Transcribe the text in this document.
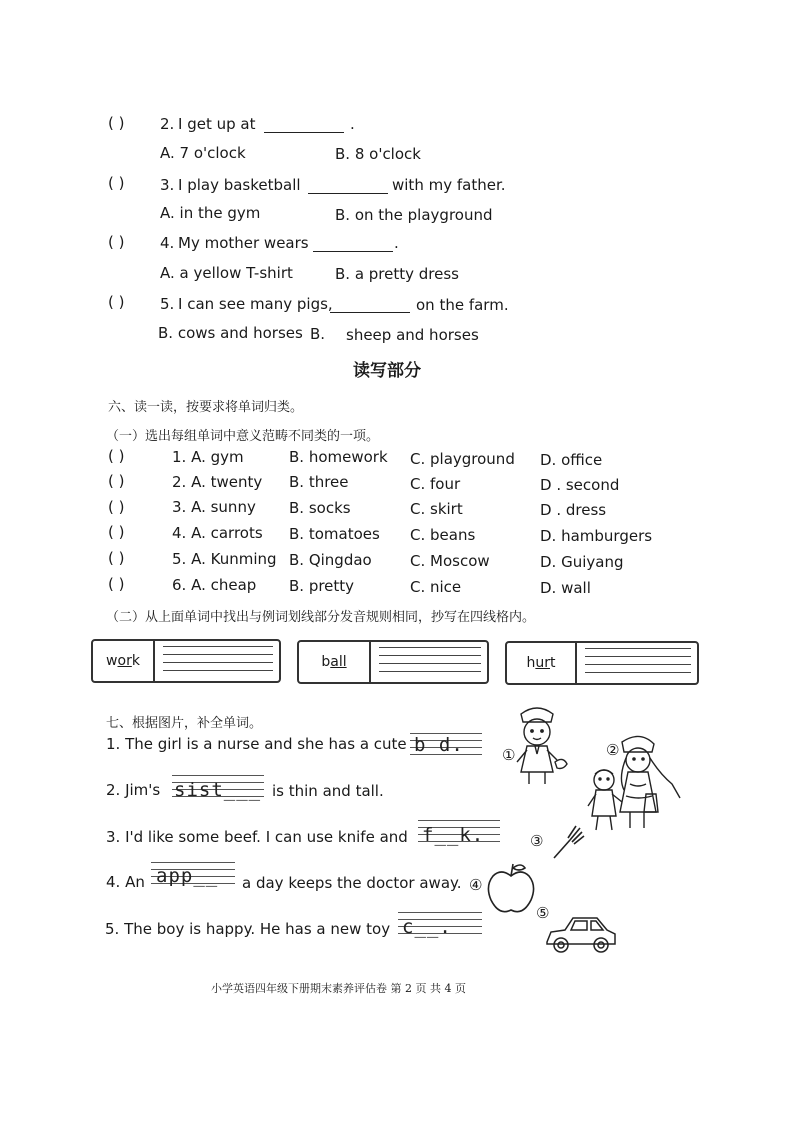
( ) 2. I get up at	.
A. 7 o'clock	B. 8 o'clock
( ) 3. I play basketball	with my father.
A. in the gym	B. on the playground
( ) 4. My mother wears	.
A. a yellow T-shirt	B. a pretty dress
( ) 5. I can see many pigs,	on the farm.
B. cows and horses B. sheep and horses
读写部分
六、读一读，按要求将单词归类。
（一）选出每组单词中意义范畴不同类的一项。
( )	1. A. gym	B. homework C. playground D. office
( )	2. A. twenty B. three	C. four	D . second
( )	3. A. sunny B. socks	C. skirt	D . dress
( )	4. A. carrots B. tomatoes C. beans	D. hamburgers
( )	5. A. Kunming B. Qingdao	C. Moscow	D. Guiyang
( )	6. A. cheap B. pretty	C. nice	D. wall
（二）从上面单词中找出与例词划线部分发音规则相同，抄写在四线格内。
w or k	b all	h ur t
七、根据图片，补全单词。
1. The girl is a nurse and she has a cute b d.	①
2. Jim's sist___ is thin and tall.
②
3. I'd like some beef. I can use knife and f__k.	③
4. An app__ a day keeps the doctor away. ④
5. The boy is happy. He has a new toy c__.
⑤
小学英语四年级下册期末素养评估卷 第 2 页 共 4 页
